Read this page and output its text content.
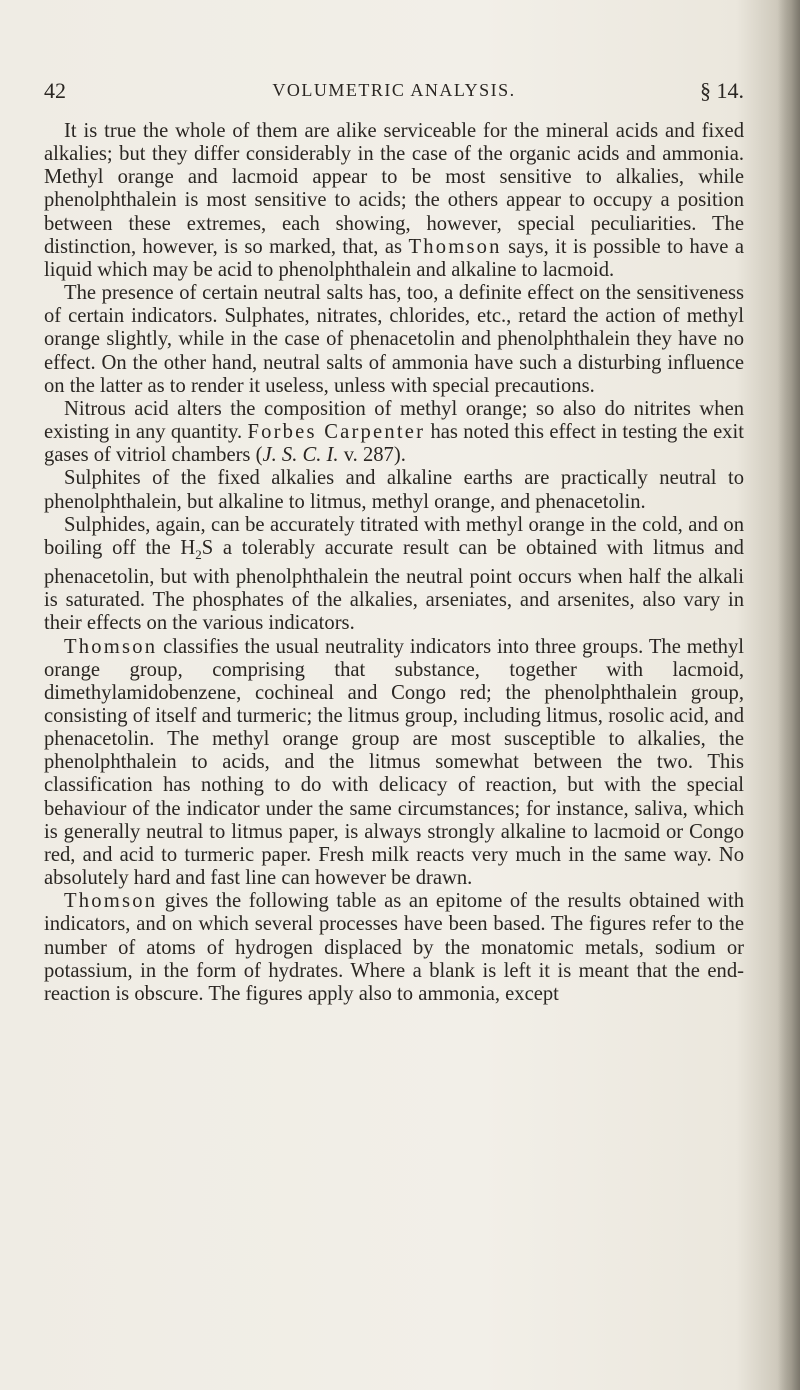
42	VOLUMETRIC ANALYSIS.	§ 14.

It is true the whole of them are alike serviceable for the mineral acids and fixed alkalies; but they differ considerably in the case of the organic acids and ammonia. Methyl orange and lacmoid appear to be most sensitive to alkalies, while phenolphthalein is most sensitive to acids; the others appear to occupy a position between these extremes, each showing, however, special peculiarities. The distinction, however, is so marked, that, as Thomson says, it is possible to have a liquid which may be acid to phenolphthalein and alkaline to lacmoid.

The presence of certain neutral salts has, too, a definite effect on the sensitiveness of certain indicators. Sulphates, nitrates, chlorides, etc., retard the action of methyl orange slightly, while in the case of phenacetolin and phenolphthalein they have no effect. On the other hand, neutral salts of ammonia have such a disturbing influence on the latter as to render it useless, unless with special precautions.

Nitrous acid alters the composition of methyl orange; so also do nitrites when existing in any quantity. Forbes Carpenter has noted this effect in testing the exit gases of vitriol chambers (J. S. C. I. v. 287).

Sulphites of the fixed alkalies and alkaline earths are practically neutral to phenolphthalein, but alkaline to litmus, methyl orange, and phenacetolin.

Sulphides, again, can be accurately titrated with methyl orange in the cold, and on boiling off the $H_2S$ a tolerably accurate result can be obtained with litmus and phenacetolin, but with phenolphthalein the neutral point occurs when half the alkali is saturated. The phosphates of the alkalies, arseniates, and arsenites, also vary in their effects on the various indicators.

Thomson classifies the usual neutrality indicators into three groups. The methyl orange group, comprising that substance, together with lacmoid, dimethylamidobenzene, cochineal and Congo red; the phenolphthalein group, consisting of itself and turmeric; the litmus group, including litmus, rosolic acid, and phenacetolin. The methyl orange group are most susceptible to alkalies, the phenolphthalein to acids, and the litmus somewhat between the two. This classification has nothing to do with delicacy of reaction, but with the special behaviour of the indicator under the same circumstances; for instance, saliva, which is generally neutral to litmus paper, is always strongly alkaline to lacmoid or Congo red, and acid to turmeric paper. Fresh milk reacts very much in the same way. No absolutely hard and fast line can however be drawn.

Thomson gives the following table as an epitome of the results obtained with indicators, and on which several processes have been based. The figures refer to the number of atoms of hydrogen displaced by the monatomic metals, sodium or potassium, in the form of hydrates. Where a blank is left it is meant that the end-reaction is obscure. The figures apply also to ammonia, except
